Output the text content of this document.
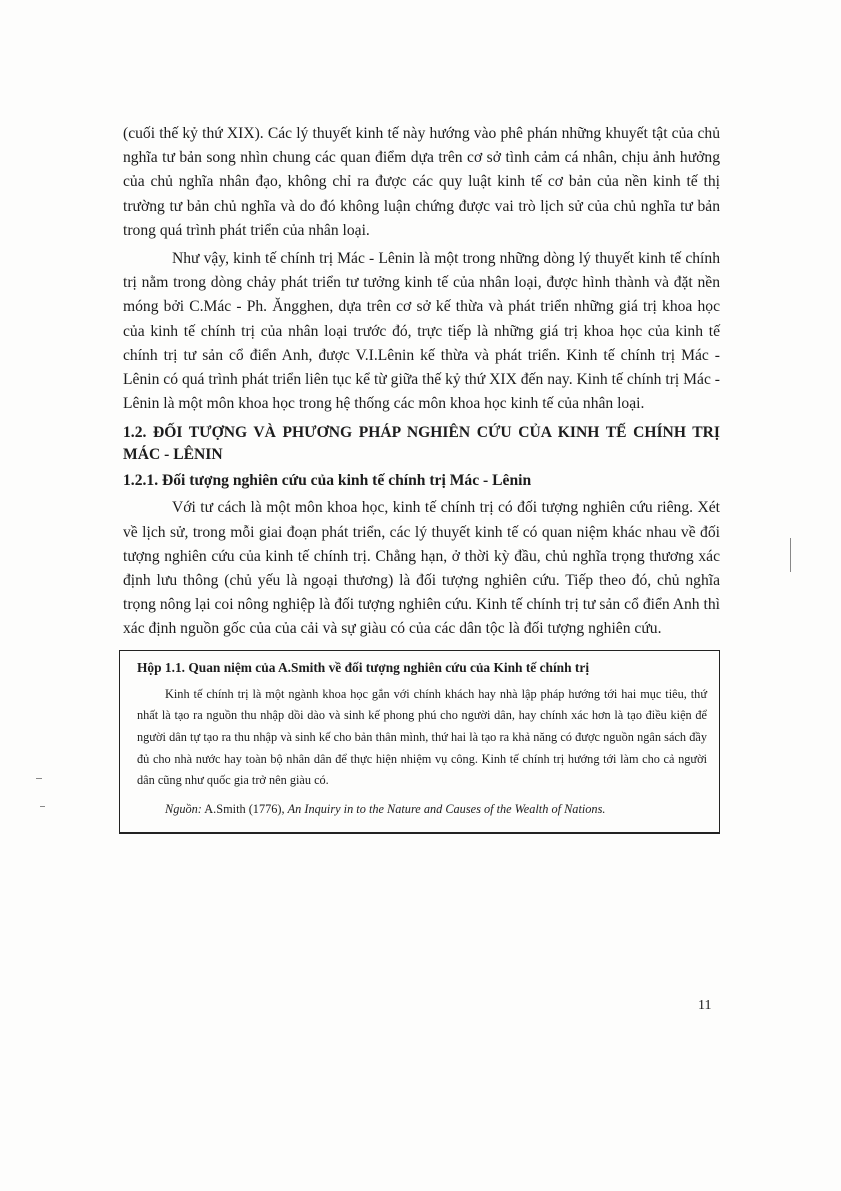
(cuối thế kỷ thứ XIX). Các lý thuyết kinh tế này hướng vào phê phán những khuyết tật của chủ nghĩa tư bản song nhìn chung các quan điểm dựa trên cơ sở tình cảm cá nhân, chịu ảnh hưởng của chủ nghĩa nhân đạo, không chỉ ra được các quy luật kinh tế cơ bản của nền kinh tế thị trường tư bản chủ nghĩa và do đó không luận chứng được vai trò lịch sử của chủ nghĩa tư bản trong quá trình phát triển của nhân loại.

Như vậy, kinh tế chính trị Mác - Lênin là một trong những dòng lý thuyết kinh tế chính trị nằm trong dòng chảy phát triển tư tưởng kinh tế của nhân loại, được hình thành và đặt nền móng bởi C.Mác - Ph. Ăngghen, dựa trên cơ sở kế thừa và phát triển những giá trị khoa học của kinh tế chính trị của nhân loại trước đó, trực tiếp là những giá trị khoa học của kinh tế chính trị tư sản cổ điển Anh, được V.I.Lênin kế thừa và phát triển. Kinh tế chính trị Mác - Lênin có quá trình phát triển liên tục kể từ giữa thế kỷ thứ XIX đến nay. Kinh tế chính trị Mác - Lênin là một môn khoa học trong hệ thống các môn khoa học kinh tế của nhân loại.

1.2. ĐỐI TƯỢNG VÀ PHƯƠNG PHÁP NGHIÊN CỨU CỦA KINH TẾ CHÍNH TRỊ MÁC - LÊNIN
1.2.1. Đối tượng nghiên cứu của kinh tế chính trị Mác - Lênin

Với tư cách là một môn khoa học, kinh tế chính trị có đối tượng nghiên cứu riêng. Xét về lịch sử, trong mỗi giai đoạn phát triển, các lý thuyết kinh tế có quan niệm khác nhau về đối tượng nghiên cứu của kinh tế chính trị. Chẳng hạn, ở thời kỳ đầu, chủ nghĩa trọng thương xác định lưu thông (chủ yếu là ngoại thương) là đối tượng nghiên cứu. Tiếp theo đó, chủ nghĩa trọng nông lại coi nông nghiệp là đối tượng nghiên cứu. Kinh tế chính trị tư sản cổ điển Anh thì xác định nguồn gốc của của cải và sự giàu có của các dân tộc là đối tượng nghiên cứu.

Hộp 1.1. Quan niệm của A.Smith về đối tượng nghiên cứu của Kinh tế chính trị

Kinh tế chính trị là một ngành khoa học gắn với chính khách hay nhà lập pháp hướng tới hai mục tiêu, thứ nhất là tạo ra nguồn thu nhập dồi dào và sinh kế phong phú cho người dân, hay chính xác hơn là tạo điều kiện để người dân tự tạo ra thu nhập và sinh kế cho bản thân mình, thứ hai là tạo ra khả năng có được nguồn ngân sách đầy đủ cho nhà nước hay toàn bộ nhân dân để thực hiện nhiệm vụ công. Kinh tế chính trị hướng tới làm cho cả người dân cũng như quốc gia trở nên giàu có.

Nguồn: A.Smith (1776), An Inquiry in to the Nature and Causes of the Wealth of Nations.

11
